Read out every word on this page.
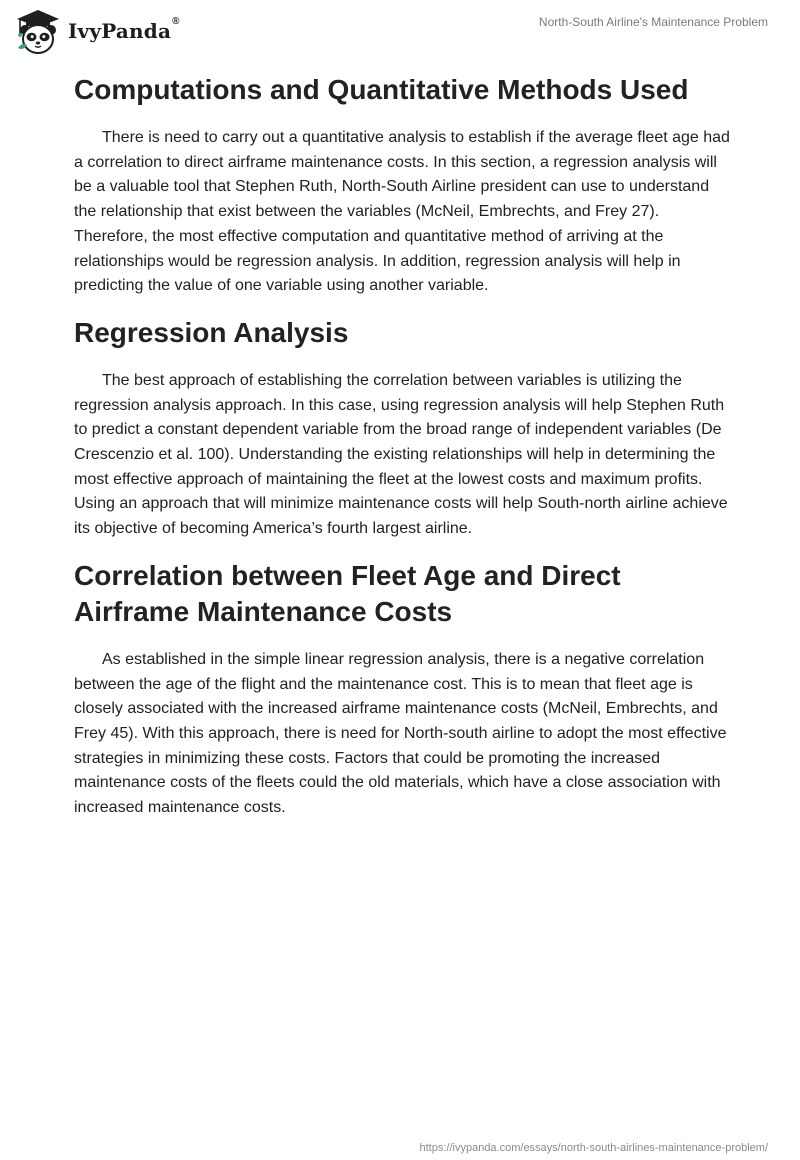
IvyPanda®	North-South Airline's Maintenance Problem
Computations and Quantitative Methods Used

There is need to carry out a quantitative analysis to establish if the average fleet age had a correlation to direct airframe maintenance costs. In this section, a regression analysis will be a valuable tool that Stephen Ruth, North-South Airline president can use to understand the relationship that exist between the variables (McNeil, Embrechts, and Frey 27). Therefore, the most effective computation and quantitative method of arriving at the relationships would be regression analysis. In addition, regression analysis will help in predicting the value of one variable using another variable.

Regression Analysis

The best approach of establishing the correlation between variables is utilizing the regression analysis approach. In this case, using regression analysis will help Stephen Ruth to predict a constant dependent variable from the broad range of independent variables (De Crescenzio et al. 100). Understanding the existing relationships will help in determining the most effective approach of maintaining the fleet at the lowest costs and maximum profits. Using an approach that will minimize maintenance costs will help South-north airline achieve its objective of becoming America’s fourth largest airline.

Correlation between Fleet Age and Direct Airframe Maintenance Costs

As established in the simple linear regression analysis, there is a negative correlation between the age of the flight and the maintenance cost. This is to mean that fleet age is closely associated with the increased airframe maintenance costs (McNeil, Embrechts, and Frey 45). With this approach, there is need for North-south airline to adopt the most effective strategies in minimizing these costs. Factors that could be promoting the increased maintenance costs of the fleets could the old materials, which have a close association with increased maintenance costs.

https://ivypanda.com/essays/north-south-airlines-maintenance-problem/
